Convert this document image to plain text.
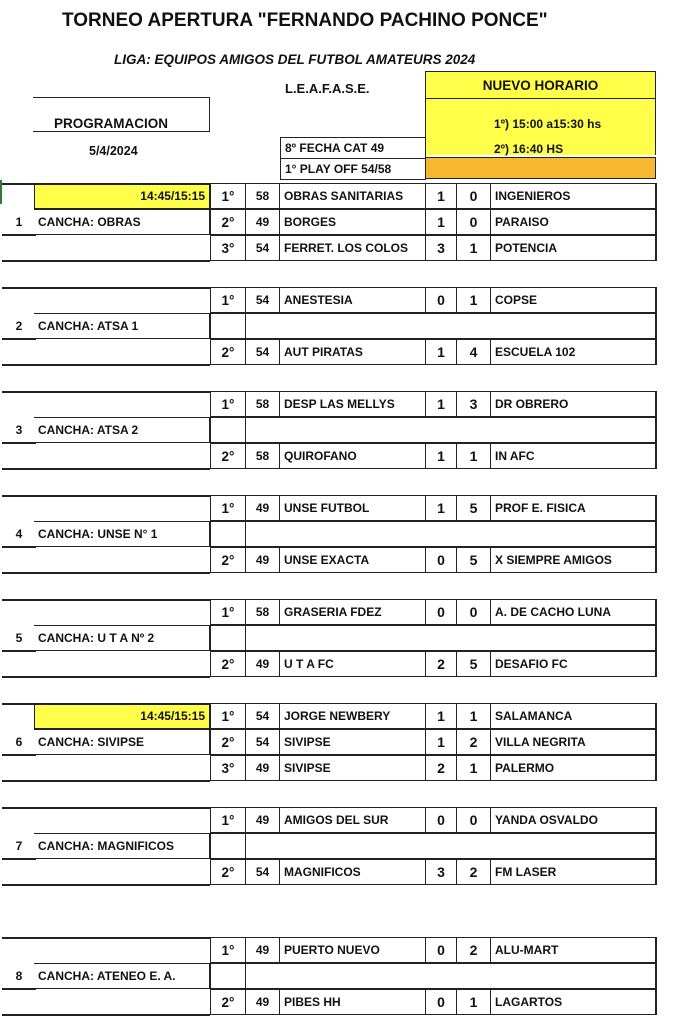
TORNEO APERTURA "FERNANDO PACHINO PONCE"
LIGA: EQUIPOS AMIGOS DEL FUTBOL AMATEURS 2024
L.E.A.F.A.S.E.	NUEVO HORARIO
1º) 15:00 a15:30 hs
2º) 16:40 HS
PROGRAMACION
5/4/2024	8º FECHA CAT 49
1° PLAY OFF 54/58
1 CANCHA: OBRAS
14:45/15:15 1° 58 OBRAS SANITARIAS 1 0 INGENIEROS
2° 49 BORGES	1 0 PARAISO
3° 54 FERRET. LOS COLOS 3 1 POTENCIA
2 CANCHA: ATSA 1
1° 54 ANESTESIA	0 1 COPSE
2° 54 AUT PIRATAS	1 4 ESCUELA 102
3 CANCHA: ATSA 2
1° 58 DESP LAS MELLYS	1 3 DR OBRERO
2° 58 QUIROFANO	1 1 IN AFC
4 CANCHA: UNSE N° 1
1° 49 UNSE FUTBOL	1 5 PROF E. FISICA
2° 49 UNSE EXACTA	0 5 X SIEMPRE AMIGOS
5 CANCHA: U T A Nº 2
1° 58 GRASERIA FDEZ	0 0 A. DE CACHO LUNA
2° 49 U T A FC	2 5 DESAFIO FC
6 CANCHA: SIVIPSE
14:45/15:15 1° 54 JORGE NEWBERY	1 1 SALAMANCA
2° 54 SIVIPSE	1 2 VILLA NEGRITA
3° 49 SIVIPSE	2 1 PALERMO
7 CANCHA: MAGNIFICOS
1° 49 AMIGOS DEL SUR	0 0 YANDA OSVALDO
2° 54 MAGNIFICOS	3 2 FM LASER
8 CANCHA: ATENEO E. A.
1° 49 PUERTO NUEVO	0 2 ALU-MART
2° 49 PIBES HH	0 1 LAGARTOS
